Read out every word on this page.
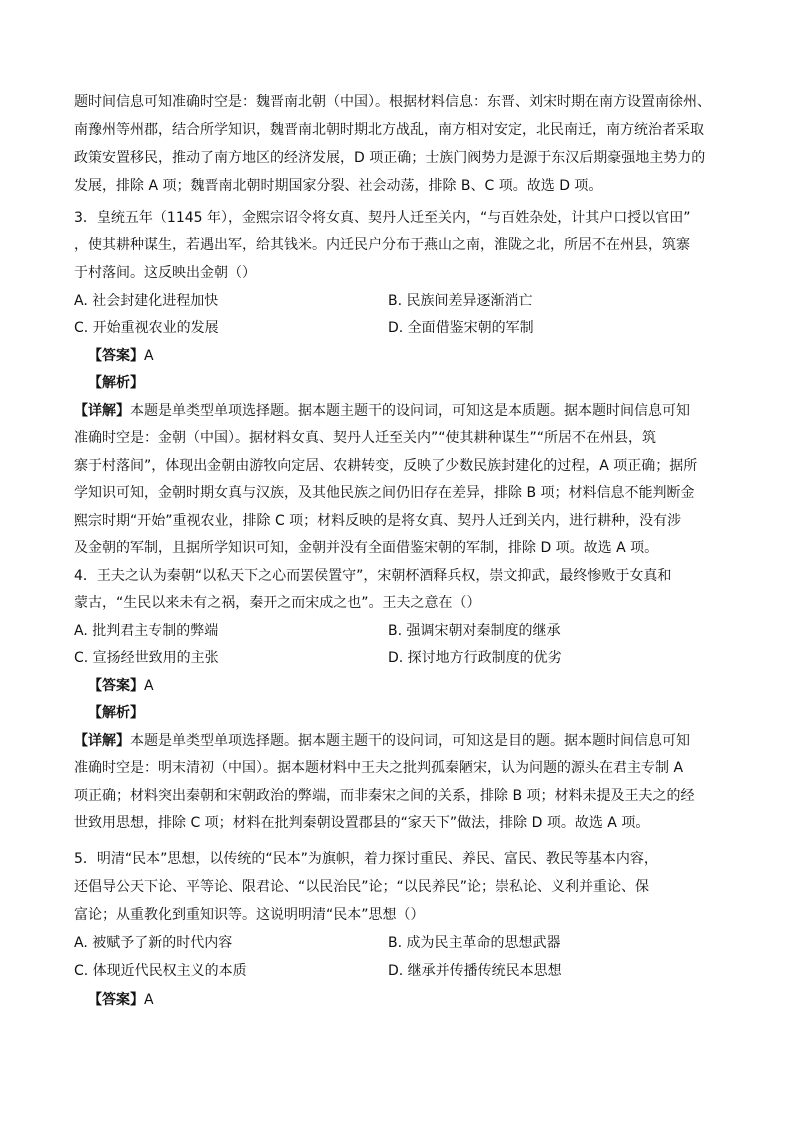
题时间信息可知准确时空是：魏晋南北朝（中国）。根据材料信息：东晋、刘宋时期在南方设置南徐州、
南豫州等州郡，结合所学知识，魏晋南北朝时期北方战乱，南方相对安定，北民南迁，南方统治者采取
政策安置移民，推动了南方地区的经济发展，D 项正确；士族门阀势力是源于东汉后期豪强地主势力的
发展，排除 A 项；魏晋南北朝时期国家分裂、社会动荡，排除 B、C 项。故选 D 项。
3．皇统五年（1145 年），金熙宗诏令将女真、契丹人迁至关内，“与百姓杂处，计其户口授以官田”
，使其耕种谋生，若遇出军，给其钱米。内迁民户分布于燕山之南，淮陇之北，所居不在州县，筑寨
于村落间。这反映出金朝（）
A. 社会封建化进程加快	B. 民族间差异逐渐消亡
C. 开始重视农业的发展	D. 全面借鉴宋朝的军制
【答案】A
【解析】
【详解】本题是单类型单项选择题。据本题主题干的设问词，可知这是本质题。据本题时间信息可知
准确时空是：金朝（中国）。据材料女真、契丹人迁至关内”“使其耕种谋生”“所居不在州县，筑
寨于村落间”，体现出金朝由游牧向定居、农耕转变，反映了少数民族封建化的过程，A 项正确；据所
学知识可知，金朝时期女真与汉族，及其他民族之间仍旧存在差异，排除 B 项；材料信息不能判断金
熙宗时期“开始”重视农业，排除 C 项；材料反映的是将女真、契丹人迁到关内，进行耕种，没有涉
及金朝的军制，且据所学知识可知，金朝并没有全面借鉴宋朝的军制，排除 D 项。故选 A 项。
4．王夫之认为秦朝“以私天下之心而罢侯置守”，宋朝杯酒释兵权，崇文抑武，最终惨败于女真和
蒙古，“生民以来未有之祸，秦开之而宋成之也”。王夫之意在（）
A. 批判君主专制的弊端	B. 强调宋朝对秦制度的继承
C. 宣扬经世致用的主张	D. 探讨地方行政制度的优劣
【答案】A
【解析】
【详解】本题是单类型单项选择题。据本题主题干的设问词，可知这是目的题。据本题时间信息可知
准确时空是：明末清初（中国）。据本题材料中王夫之批判孤秦陋宋，认为问题的源头在君主专制 A
项正确；材料突出秦朝和宋朝政治的弊端，而非秦宋之间的关系，排除 B 项；材料未提及王夫之的经
世致用思想，排除 C 项；材料在批判秦朝设置郡县的“家天下”做法，排除 D 项。故选 A 项。
5．明清“民本”思想，以传统的“民本”为旗帜，着力探讨重民、养民、富民、教民等基本内容，
还倡导公天下论、平等论、限君论、“以民治民”论；“以民养民”论；崇私论、义利并重论、保
富论；从重教化到重知识等。这说明明清“民本”思想（）
A. 被赋予了新的时代内容	B. 成为民主革命的思想武器
C. 体现近代民权主义的本质	D. 继承并传播传统民本思想
【答案】A
